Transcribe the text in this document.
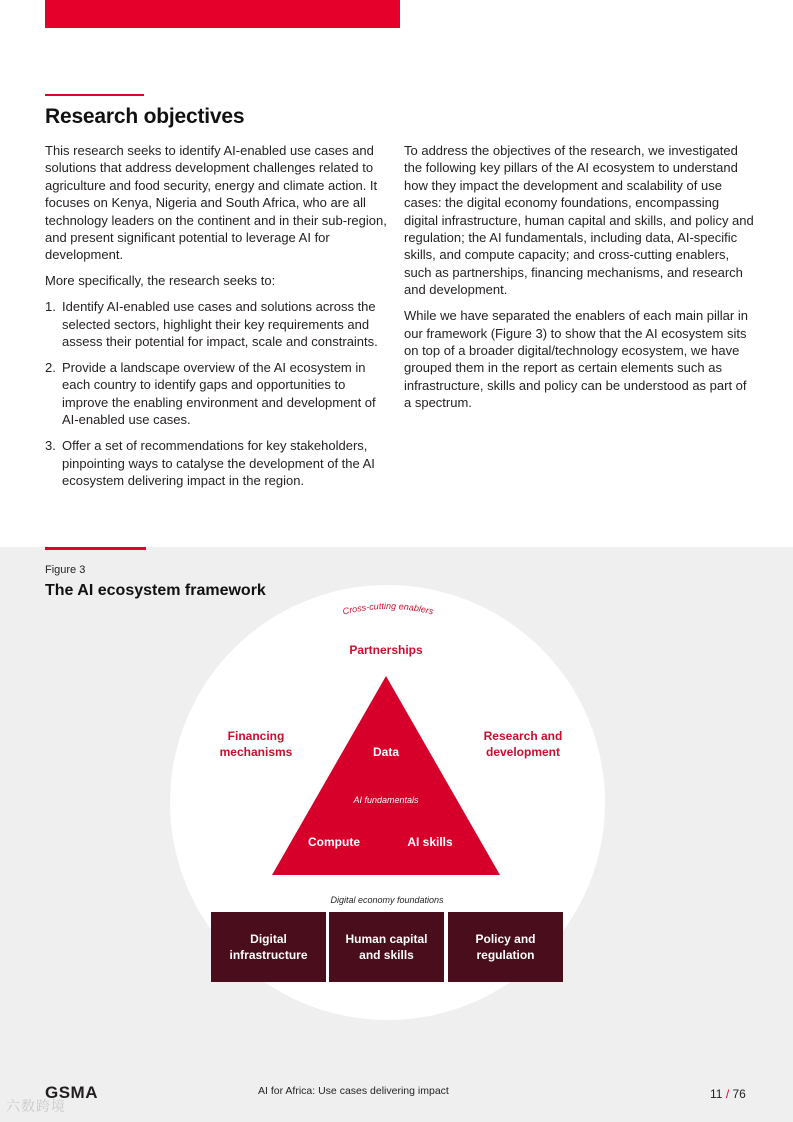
Research objectives

This research seeks to identify AI-enabled use cases and solutions that address development challenges related to agriculture and food security, energy and climate action. It focuses on Kenya, Nigeria and South Africa, who are all technology leaders on the continent and in their sub-region, and present significant potential to leverage AI for development.

More specifically, the research seeks to:

1. Identify AI-enabled use cases and solutions across the selected sectors, highlight their key requirements and assess their potential for impact, scale and constraints.
2. Provide a landscape overview of the AI ecosystem in each country to identify gaps and opportunities to improve the enabling environment and development of AI-enabled use cases.
3. Offer a set of recommendations for key stakeholders, pinpointing ways to catalyse the development of the AI ecosystem delivering impact in the region.

To address the objectives of the research, we investigated the following key pillars of the AI ecosystem to understand how they impact the development and scalability of use cases: the digital economy foundations, encompassing digital infrastructure, human capital and skills, and policy and regulation; the AI fundamentals, including data, AI-specific skills, and compute capacity; and cross-cutting enablers, such as partnerships, financing mechanisms, and research and development.

While we have separated the enablers of each main pillar in our framework (Figure 3) to show that the AI ecosystem sits on top of a broader digital/technology ecosystem, we have grouped them in the report as certain elements such as infrastructure, skills and policy can be understood as part of a spectrum.

Figure 3
The AI ecosystem framework
Cross-cutting enablers
Partnerships
Financing
mechanisms
Research and
development
Data
AI fundamentals
Compute	AI skills
Digital economy foundations
Digital
infrastructure
Human capital
and skills
Policy and
regulation
GSMA	AI for Africa: Use cases delivering impact	11 / 76
六数跨境
